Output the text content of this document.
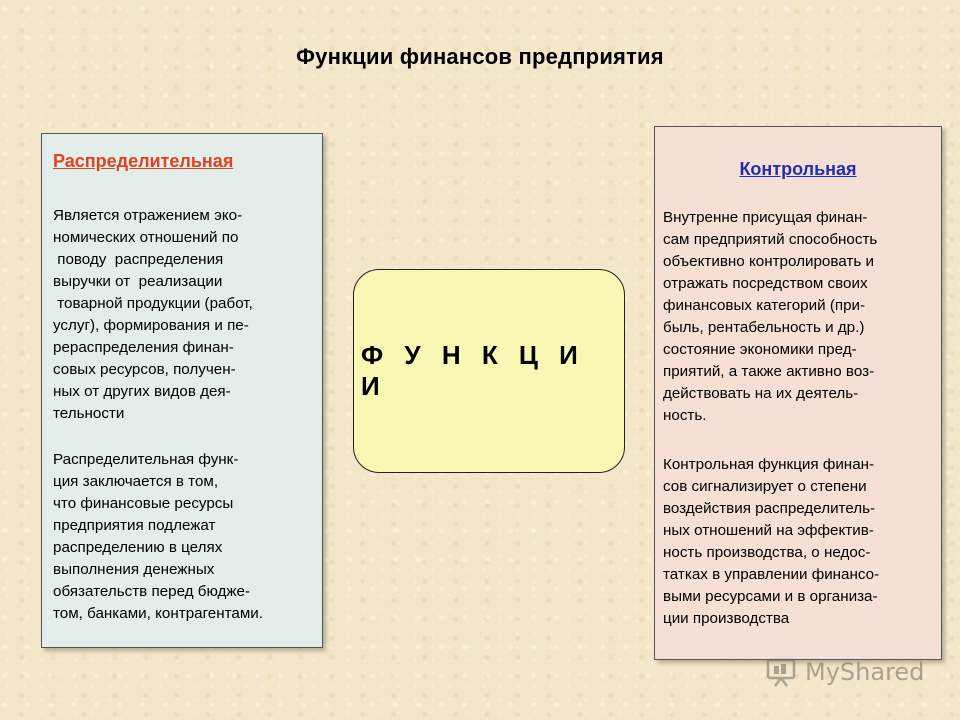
Функции финансов предприятия
Распределительная

Является отражением эко-
номических отношений по
поводу  распределения
выручки от  реализации
товарной продукции (работ,
услуг), формирования и пе-
рераспределения финан-
совых ресурсов, получен-
ных от других видов дея-
тельности

Распределительная функ-
ция заключается в том,
что финансовые ресурсы
предприятия подлежат
распределению в целях
выполнения денежных
обязательств перед бюдже-
том, банками, контрагентами.

Ф У Н К Ц И И
Контрольная

Внутренне присущая финан-
сам предприятий способность
объективно контролировать и
отражать посредством своих
финансовых категорий (при-
быль, рентабельность и др.)
состояние экономики пред-
приятий, а также активно воз-
действовать на их деятель-
ность.

Контрольная функция финан-
сов сигнализирует о степени
воздействия распределитель-
ных отношений на эффектив-
ность производства, о недос-
татках в управлении финансо-
выми ресурсами и в организа-
ции производства

MyShared
